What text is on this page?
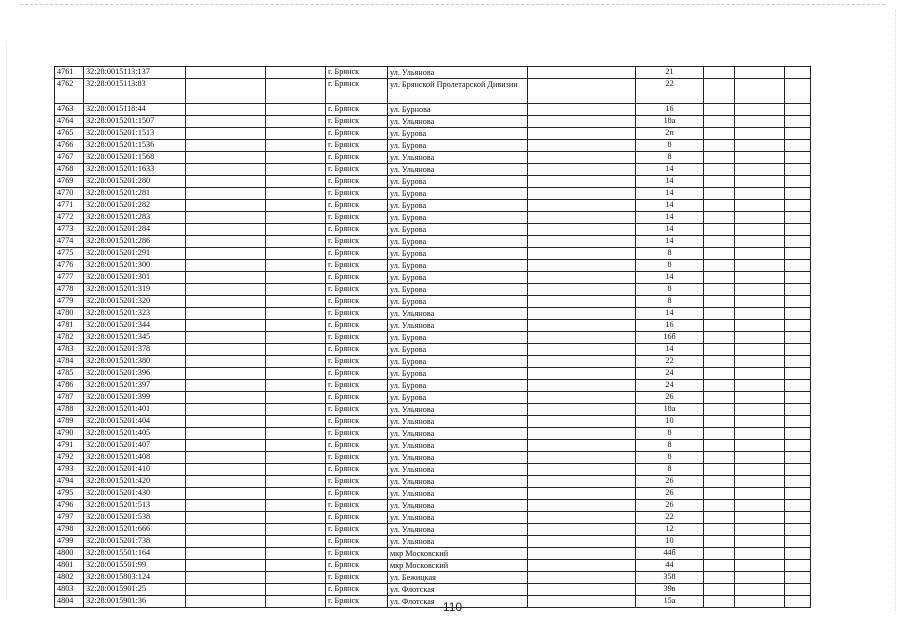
4761	32:28:0015113:137			г. Брянск	ул. Ульянова		21			
4762	32:28:0015113:83			г. Брянск	ул. Брянской Пролетарской Дивизии		22			
4763	32:28:0015118:44			г. Брянск	ул. Бурнова		16			
4764	32:28:0015201:1507			г. Брянск	ул. Ульянова		18а			
4765	32:28:0015201:1513			г. Брянск	ул. Бурова		2п			
4766	32:28:0015201:1536			г. Брянск	ул. Бурова		8			
4767	32:28:0015201:1568			г. Брянск	ул. Ульянова		8			
4768	32:28:0015201:1633			г. Брянск	ул. Ульянова		14			
4769	32:28:0015201:280			г. Брянск	ул. Бурова		14			
4770	32:28:0015201:281			г. Брянск	ул. Бурова		14			
4771	32:28:0015201:282			г. Брянск	ул. Бурова		14			
4772	32:28:0015201:283			г. Брянск	ул. Бурова		14			
4773	32:28:0015201:284			г. Брянск	ул. Бурова		14			
4774	32:28:0015201:286			г. Брянск	ул. Бурова		14			
4775	32:28:0015201:291			г. Брянск	ул. Бурова		8			
4776	32:28:0015201:300			г. Брянск	ул. Бурова		8			
4777	32:28:0015201:301			г. Брянск	ул. Бурова		14			
4778	32:28:0015201:319			г. Брянск	ул. Бурова		8			
4779	32:28:0015201:320			г. Брянск	ул. Бурова		8			
4780	32:28:0015201:323			г. Брянск	ул. Ульянова		14			
4781	32:28:0015201:344			г. Брянск	ул. Ульянова		16			
4782	32:28:0015201:345			г. Брянск	ул. Бурова		16б			
4783	32:28:0015201:378			г. Брянск	ул. Бурова		14			
4784	32:28:0015201:380			г. Брянск	ул. Бурова		22			
4785	32:28:0015201:396			г. Брянск	ул. Бурова		24			
4786	32:28:0015201:397			г. Брянск	ул. Бурова		24			
4787	32:28:0015201:399			г. Брянск	ул. Бурова		26			
4788	32:28:0015201:401			г. Брянск	ул. Ульянова		18а			
4789	32:28:0015201:404			г. Брянск	ул. Ульянова		10			
4790	32:28:0015201:405			г. Брянск	ул. Ульянова		8			
4791	32:28:0015201:407			г. Брянск	ул. Ульянова		8			
4792	32:28:0015201:408			г. Брянск	ул. Ульянова		8			
4793	32:28:0015201:410			г. Брянск	ул. Ульянова		8			
4794	32:28:0015201:420			г. Брянск	ул. Ульянова		26			
4795	32:28:0015201:430			г. Брянск	ул. Ульянова		26			
4796	32:28:0015201:513			г. Брянск	ул. Ульянова		26			
4797	32:28:0015201:538			г. Брянск	ул. Ульянова		22			
4798	32:28:0015201:666			г. Брянск	ул. Ульянова		12			
4799	32:28:0015201:738			г. Брянск	ул. Ульянова		10			
4800	32:28:0015501:164			г. Брянск	мкр Московский		44б			
4801	32:28:0015501:99			г. Брянск	мкр Московский		44			
4802	32:28:0015803:124			г. Брянск	ул. Бежицкая		358			
4803	32:28:0015901:25			г. Брянск	ул. Флотская		39в			
4804	32:28:0015901:36			г. Брянск	ул. Флотская		15а			
110
